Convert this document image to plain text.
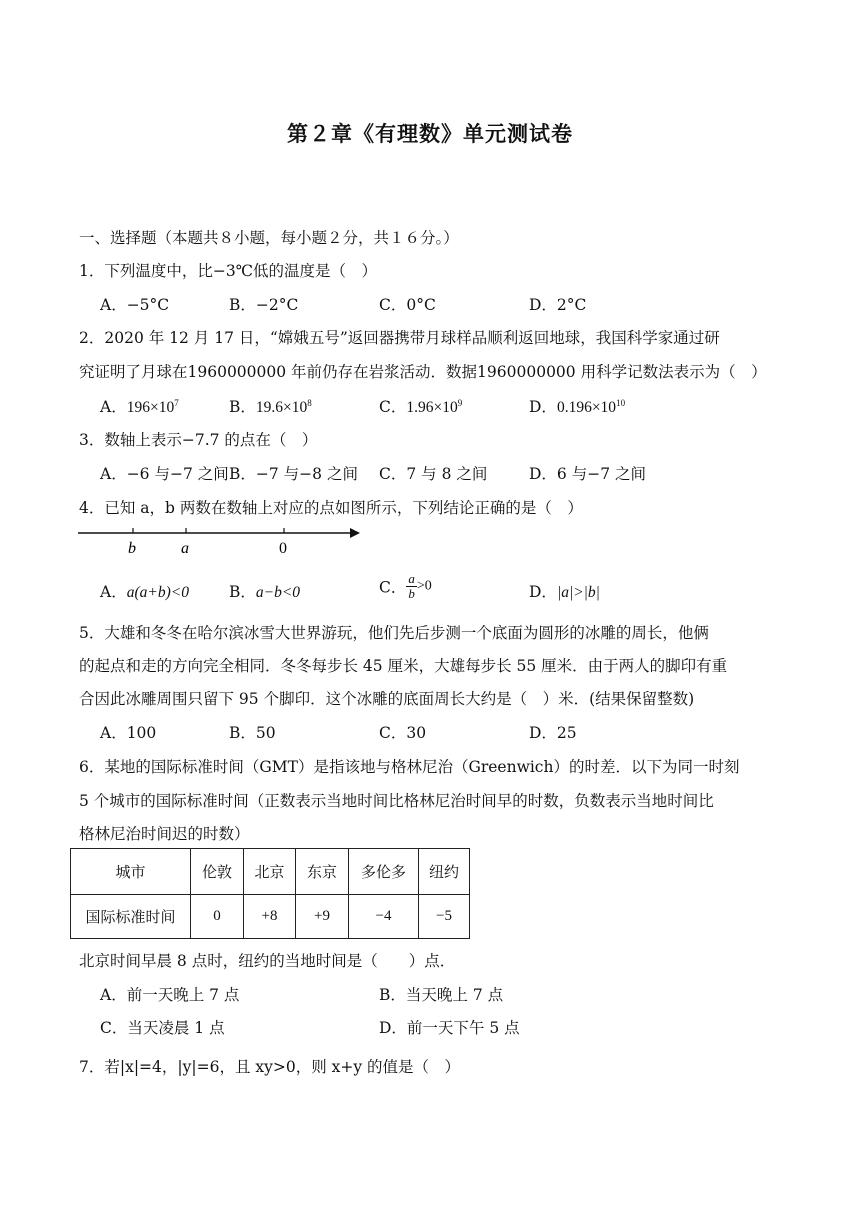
第２章《有理数》单元测试卷
一、选择题（本题共８小题，每小题２分，共１６分。）
1．下列温度中，比−3℃低的温度是（　）
A．−5°C	B．−2°C	C．0°C	D．2°C
2．2020 年 12 月 17 日，“嫦娥五号”返回器携带月球样品顺利返回地球，我国科学家通过研
究证明了月球在1960000000 年前仍存在岩浆活动．数据1960000000 用科学记数法表示为（　）
A．$196\times 10^7$	B．$19.6\times 10^8$	C．$1.96\times 10^9$	D．$0.196\times 10^{10}$
3．数轴上表示−7.7 的点在（　）
A．−6 与−7 之间 B．−7 与−8 之间 C．7 与 8 之间	D．6 与−7 之间
4．已知 a，b 两数在数轴上对应的点如图所示，下列结论正确的是（　）
b	a	0
A．a(a+b)<0	B．a−b<0	C． $\frac{a}{b} >0$	D．|a|>|b|
5．大雄和冬冬在哈尔滨冰雪大世界游玩，他们先后步测一个底面为圆形的冰雕的周长，他俩
的起点和走的方向完全相同．冬冬每步长 45 厘米，大雄每步长 55 厘米．由于两人的脚印有重
合因此冰雕周围只留下 95 个脚印．这个冰雕的底面周长大约是（　）米．(结果保留整数)
A．100	B．50	C．30	D．25
6．某地的国际标准时间（GMT）是指该地与格林尼治（Greenwich）的时差．以下为同一时刻
5 个城市的国际标准时间（正数表示当地时间比格林尼治时间早的时数，负数表示当地时间比
格林尼治时间迟的时数）
城市	伦敦	北京	东京	多伦多	纽约
国际标准时间	0	+8	+9	−4	−5
北京时间早晨 8 点时，纽约的当地时间是（　　）点．
A．前一天晚上 7 点	B．当天晚上 7 点
C．当天凌晨 1 点	D．前一天下午 5 点
7．若|x|=4，|y|=6，且 xy>0，则 x+y 的值是（　）
